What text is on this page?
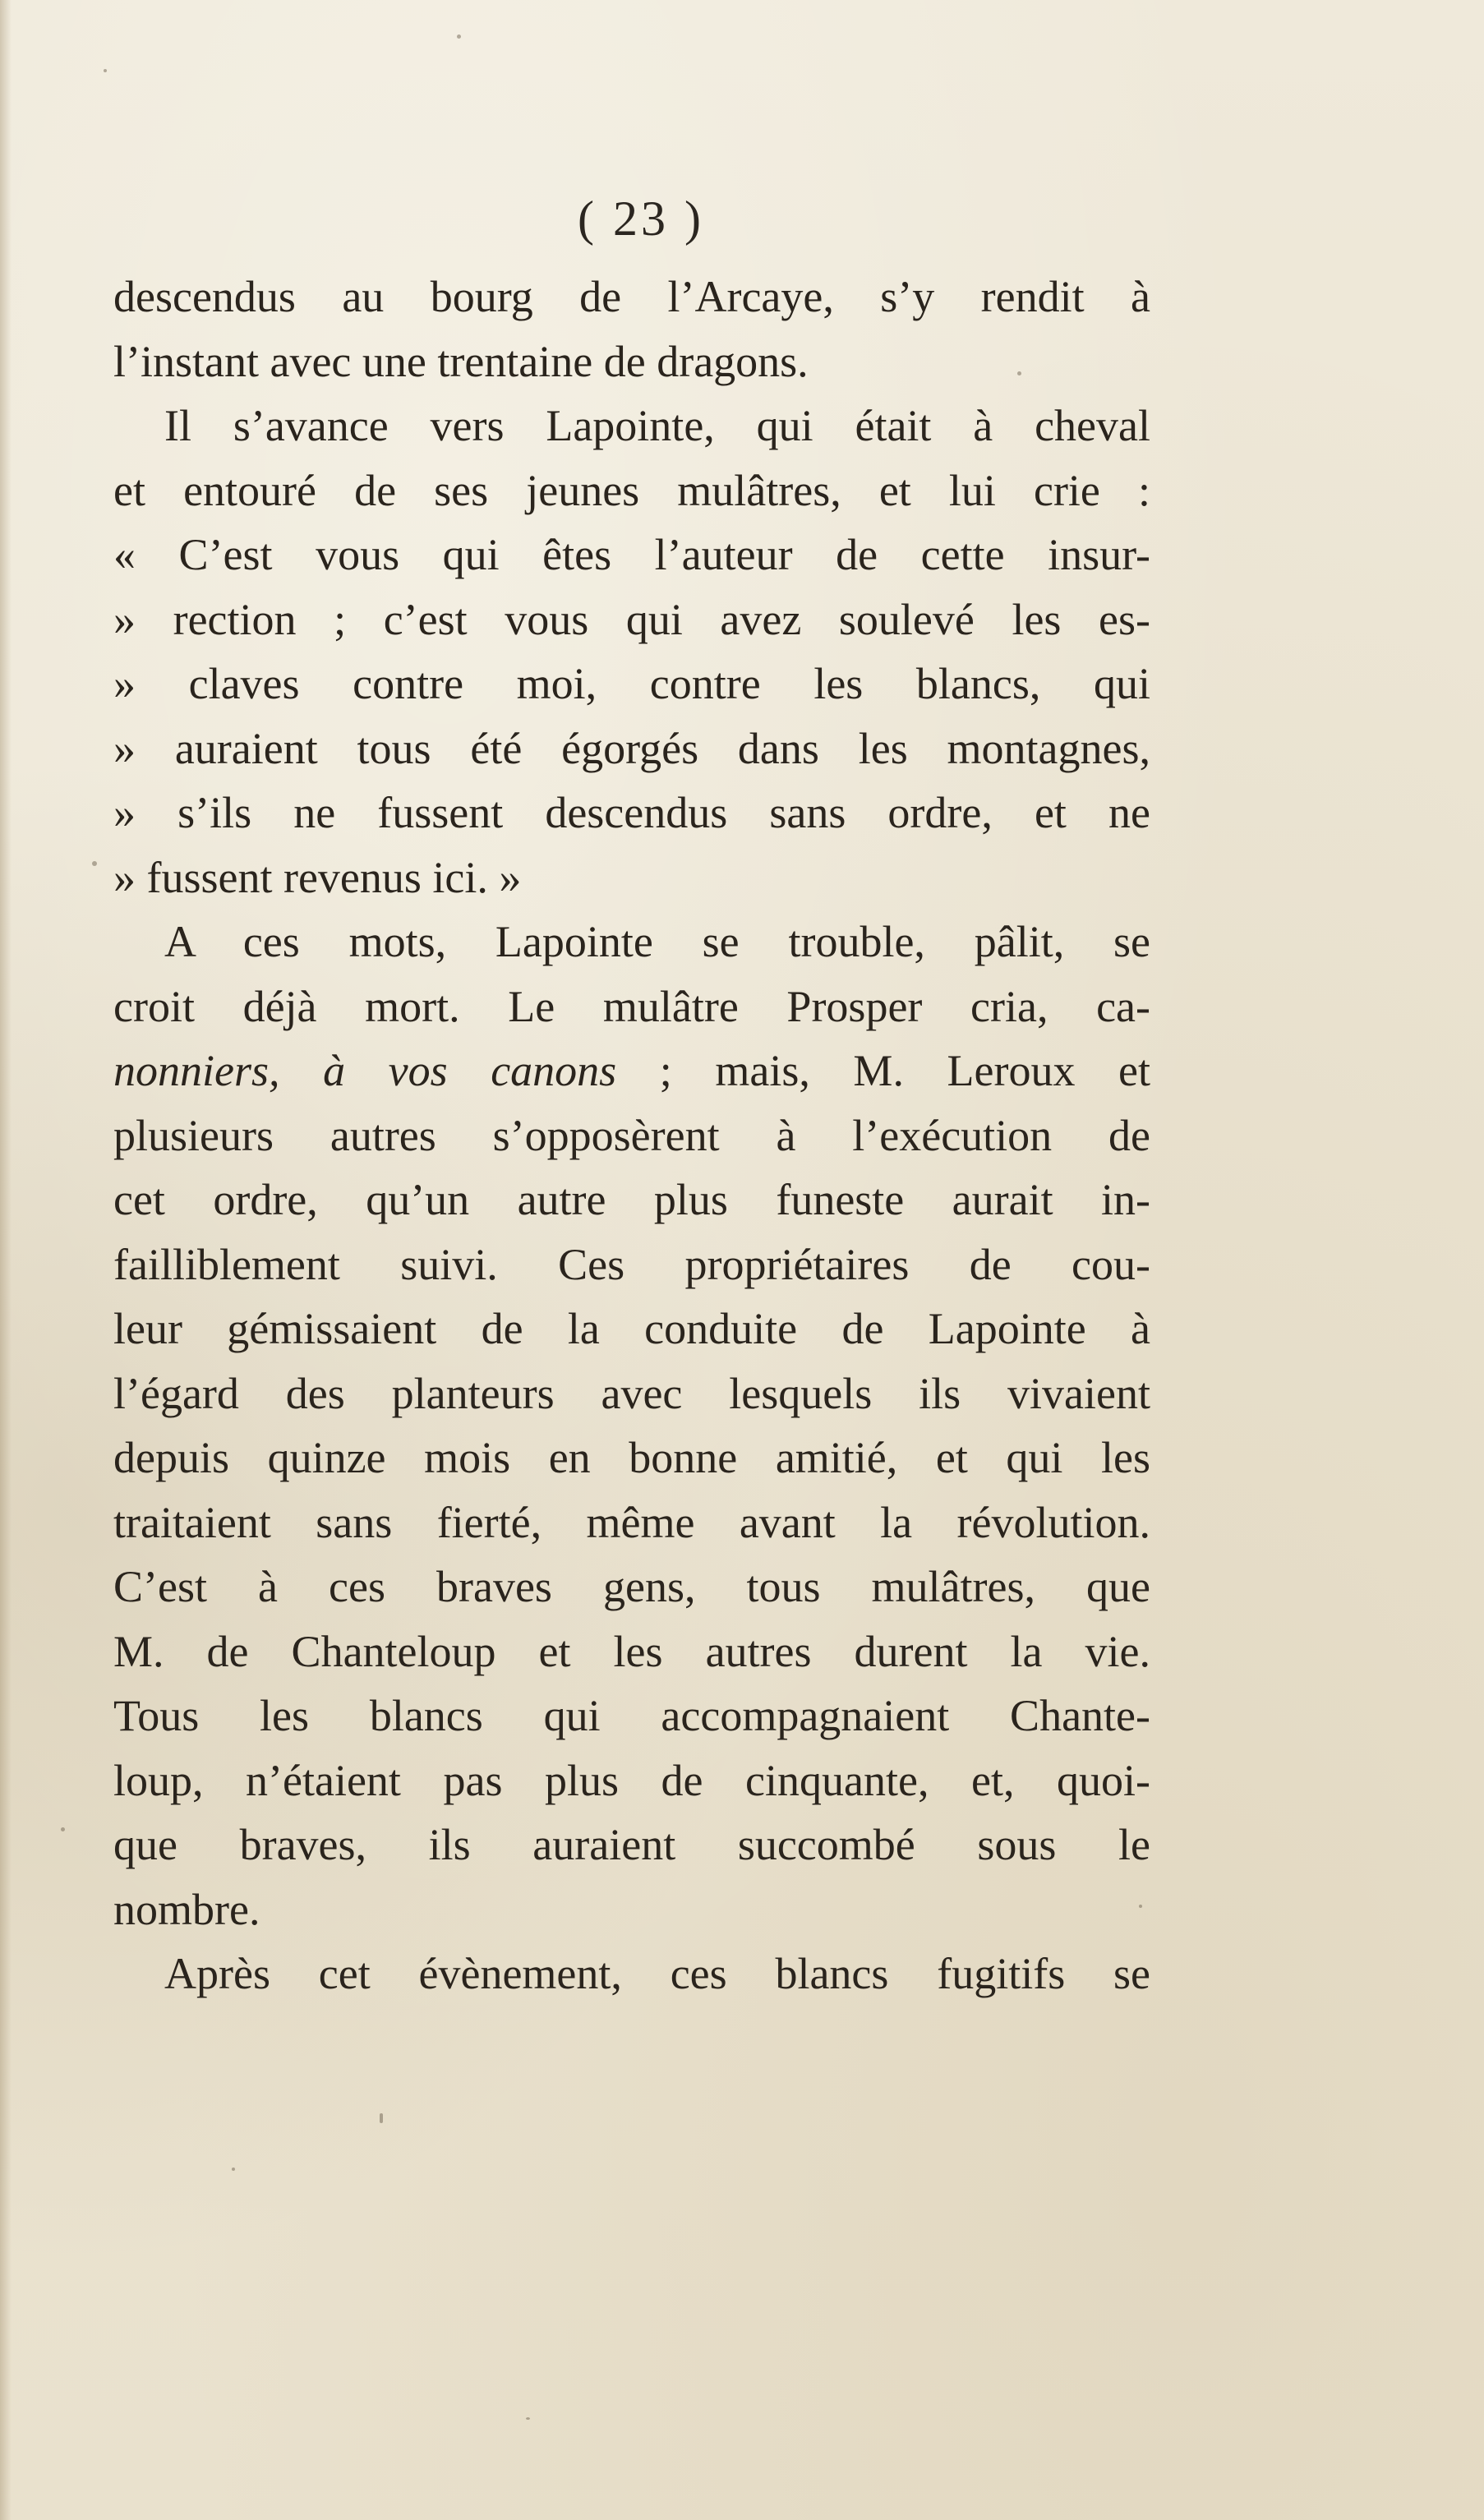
( 23 )
descendus au bourg de l’Arcaye, s’y rendit à
l’instant avec une trentaine de dragons.
Il s’avance vers Lapointe, qui était à cheval
et entouré de ses jeunes mulâtres, et lui crie :
« C’est vous qui êtes l’auteur de cette insur-
» rection ; c’est vous qui avez soulevé les es-
» claves contre moi, contre les blancs, qui
» auraient tous été égorgés dans les montagnes,
» s’ils ne fussent descendus sans ordre, et ne
» fussent revenus ici. »
A ces mots, Lapointe se trouble, pâlit, se
croit déjà mort. Le mulâtre Prosper cria, ca-
nonniers, à vos canons ; mais, M. Leroux et
plusieurs autres s’opposèrent à l’exécution de
cet ordre, qu’un autre plus funeste aurait in-
failliblement suivi. Ces propriétaires de cou-
leur gémissaient de la conduite de Lapointe à
l’égard des planteurs avec lesquels ils vivaient
depuis quinze mois en bonne amitié, et qui les
traitaient sans fierté, même avant la révolution.
C’est à ces braves gens, tous mulâtres, que
M. de Chanteloup et les autres durent la vie.
Tous les blancs qui accompagnaient Chante-
loup, n’étaient pas plus de cinquante, et, quoi-
que braves, ils auraient succombé sous le
nombre.
Après cet évènement, ces blancs fugitifs se
